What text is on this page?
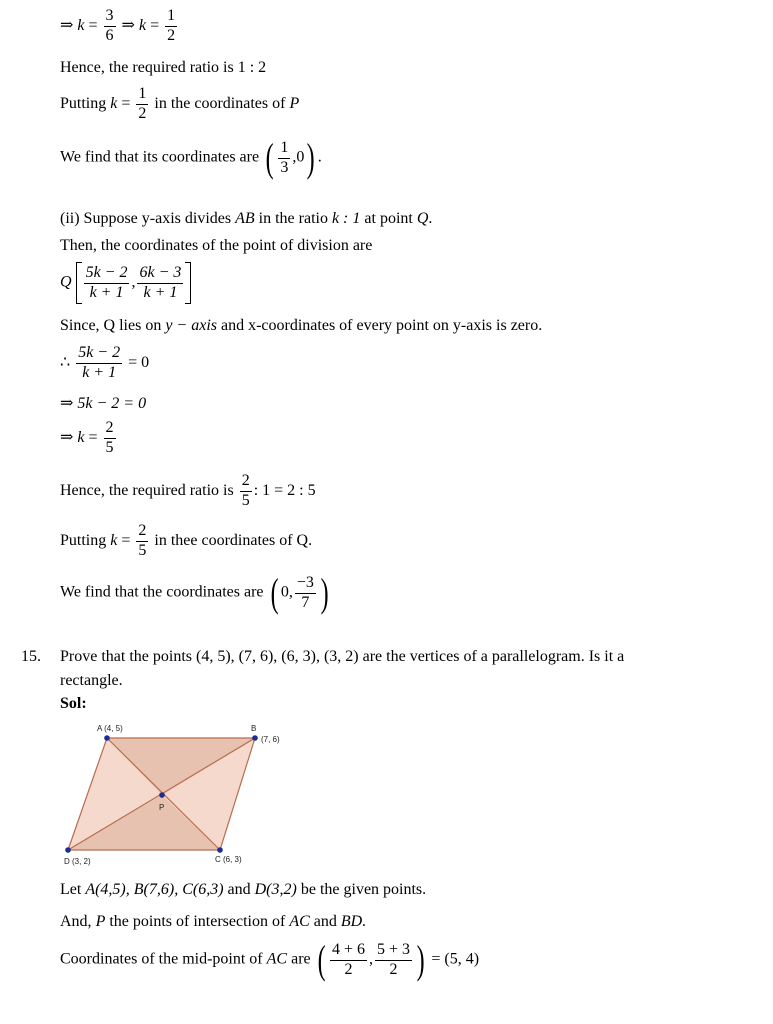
⇒ $k = \frac{3}{6}$ ⇒ $k = \frac{1}{2}$
Hence, the required ratio is 1 : 2
Putting $k = \frac{1}{2}$ in the coordinates of P
We find that its coordinates are ( $\frac{1}{3} ,0$) .
(ii) Suppose y-axis divides AB in the ratio k : 1 at point Q.
Then, the coordinates of the point of division are
Q $\frac{5k - 2}{k + 1}$ , $\frac{6k - 3}{k + 1}$
Since, Q lies on y − axis and x-coordinates of every point on y-axis is zero.
∴ $\frac{5k - 2}{k + 1} = 0$
⇒ 5k − 2 = 0
⇒ $k = \frac{2}{5}$
Hence, the required ratio is $\frac{2}{5}$ : 1 = 2 : 5
Putting $k = \frac{2}{5}$ in thee coordinates of Q.
We find that the coordinates are ( 0, $\frac{-3}{7}$ )
15. Prove that the points (4, 5), (7, 6), (6, 3), (3, 2) are the vertices of a parallelogram. Is it a
rectangle.
Sol:
A (4, 5)	B
(7, 6)
C (6, 3)
D (3, 2)
P
Let A(4,5), B(7,6), C(6,3) and D(3,2) be the given points.
And, P the points of intersection of AC and BD.
Coordinates of the mid-point of AC are ( $\frac{4 + 6}{2}$ , $\frac{5 + 3}{2}$ ) = (5, 4)
